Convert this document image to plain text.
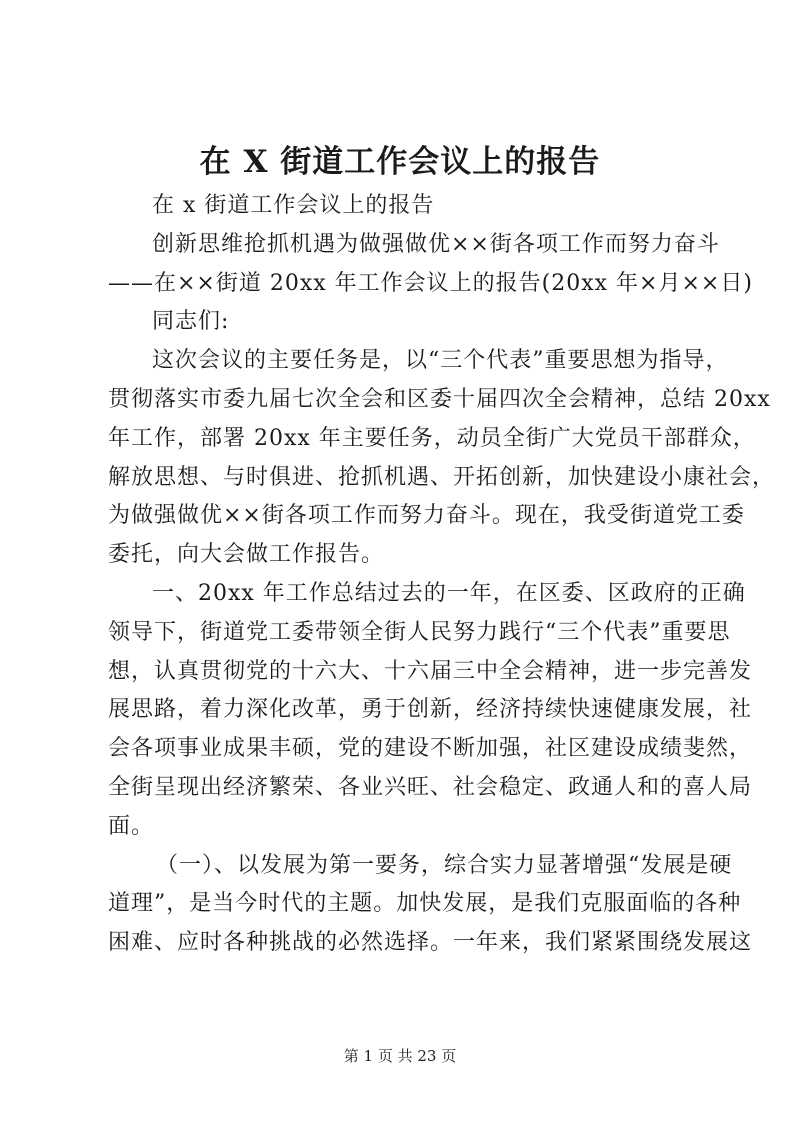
在 X 街道工作会议上的报告

在 x 街道工作会议上的报告

创新思维抢抓机遇为做强做优××街各项工作而努力奋斗

——在××街道 20xx 年工作会议上的报告(20xx 年×月××日)

同志们:

这次会议的主要任务是，以“三个代表”重要思想为指导，

贯彻落实市委九届七次全会和区委十届四次全会精神，总结 20xx

年工作，部署 20xx 年主要任务，动员全街广大党员干部群众，

解放思想、与时俱进、抢抓机遇、开拓创新，加快建设小康社会，

为做强做优××街各项工作而努力奋斗。现在，我受街道党工委

委托，向大会做工作报告。

一、20xx 年工作总结过去的一年，在区委、区政府的正确

领导下，街道党工委带领全街人民努力践行“三个代表”重要思

想，认真贯彻党的十六大、十六届三中全会精神，进一步完善发

展思路，着力深化改革，勇于创新，经济持续快速健康发展，社

会各项事业成果丰硕，党的建设不断加强，社区建设成绩斐然，

全街呈现出经济繁荣、各业兴旺、社会稳定、政通人和的喜人局

面。

（一）、以发展为第一要务，综合实力显著增强“发展是硬

道理”，是当今时代的主题。加快发展，是我们克服面临的各种

困难、应时各种挑战的必然选择。一年来，我们紧紧围绕发展这

第 1 页 共 23 页
